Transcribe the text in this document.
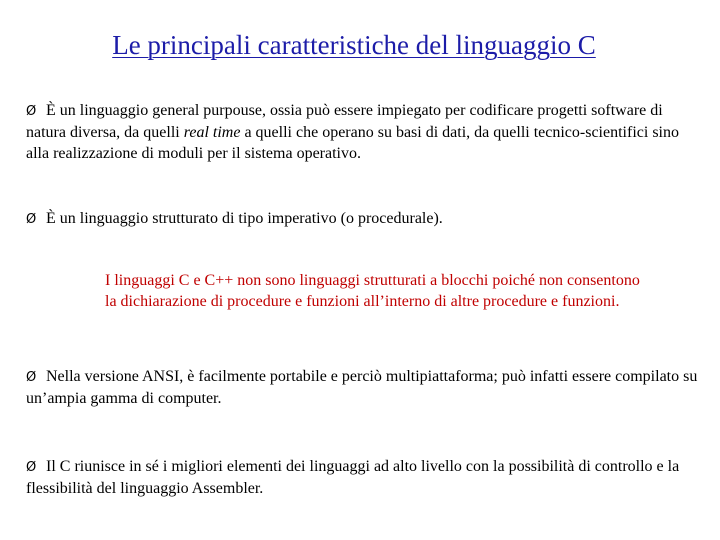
Le principali caratteristiche del linguaggio C
Ø È un linguaggio general purpouse, ossia può essere impiegato per codificare progetti software di natura diversa, da quelli real time a quelli che operano su basi di dati, da quelli tecnico-scientifici sino alla realizzazione di moduli per il sistema operativo.
Ø È un linguaggio strutturato di tipo imperativo (o procedurale).
I linguaggi C e C++ non sono linguaggi strutturati a blocchi poiché non consentono
la dichiarazione di procedure e funzioni all’interno di altre procedure e funzioni.
Ø Nella versione ANSI, è facilmente portabile e perciò multipiattaforma; può infatti essere compilato su un’ampia gamma di computer.
Ø Il C riunisce in sé i migliori elementi dei linguaggi ad alto livello con la possibilità di controllo e la flessibilità del linguaggio Assembler.
